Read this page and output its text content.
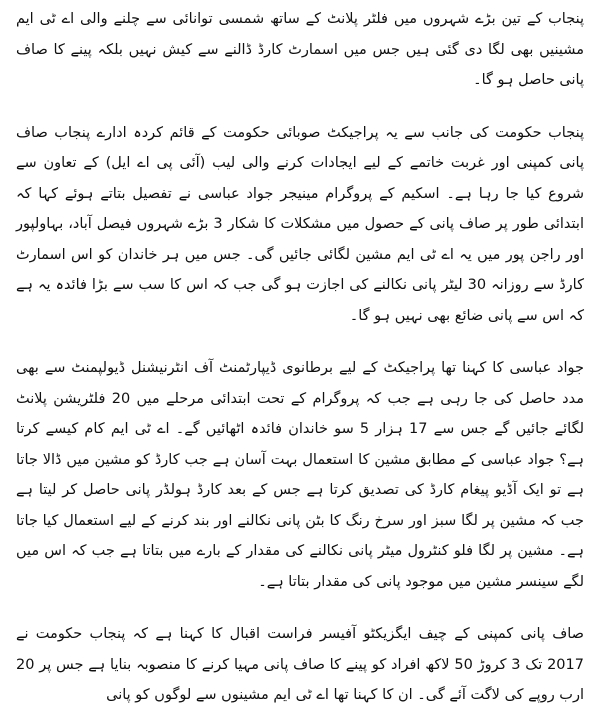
پنجاب کے تین بڑے شہروں میں فلٹر پلانٹ کے ساتھ شمسی توانائی سے چلنے والی اے ٹی ایم مشینیں بھی لگا دی گئی ہیں جس میں اسمارٹ کارڈ ڈالنے سے کیش نہیں بلکہ پینے کا صاف پانی حاصل ہو گا۔

پنجاب حکومت کی جانب سے یہ پراجیکٹ صوبائی حکومت کے قائم کردہ ادارے پنجاب صاف پانی کمپنی اور غربت خاتمے کے لیے ایجادات کرنے والی لیب (آئی پی اے ایل) کے تعاون سے شروع کیا جا رہا ہے۔ اسکیم کے پروگرام مینیجر جواد عباسی نے تفصیل بتاتے ہوئے کہا کہ ابتدائی طور پر صاف پانی کے حصول میں مشکلات کا شکار 3 بڑے شہروں فیصل آباد، بہاولپور اور راجن پور میں یہ اے ٹی ایم مشین لگائی جائیں گی۔ جس میں ہر خاندان کو اس اسمارٹ کارڈ سے روزانہ 30 لیٹر پانی نکالنے کی اجازت ہو گی جب کہ اس کا سب سے بڑا فائدہ یہ ہے کہ اس سے پانی ضائع بھی نہیں ہو گا۔

جواد عباسی کا کہنا تھا پراجیکٹ کے لیے برطانوی ڈیپارٹمنٹ آف انٹرنیشنل ڈیولپمنٹ سے بھی مدد حاصل کی جا رہی ہے جب کہ پروگرام کے تحت ابتدائی مرحلے میں 20 فلٹریشن پلانٹ لگائے جائیں گے جس سے 17 ہزار 5 سو خاندان فائدہ اٹھائیں گے۔ اے ٹی ایم کام کیسے کرتا ہے؟ جواد عباسی کے مطابق مشین کا استعمال بہت آسان ہے جب کارڈ کو مشین میں ڈالا جاتا ہے تو ایک آڈیو پیغام کارڈ کی تصدیق کرتا ہے جس کے بعد کارڈ ہولڈر پانی حاصل کر لیتا ہے جب کہ مشین پر لگا سبز اور سرخ رنگ کا بٹن پانی نکالنے اور بند کرنے کے لیے استعمال کیا جاتا ہے۔ مشین پر لگا فلو کنٹرول میٹر پانی نکالنے کی مقدار کے بارے میں بتاتا ہے جب کہ اس میں لگے سینسر مشین میں موجود پانی کی مقدار بتاتا ہے۔

صاف پانی کمپنی کے چیف ایگزیکٹو آفیسر فراست اقبال کا کہنا ہے کہ پنجاب حکومت نے 2017 تک 3 کروڑ 50 لاکھ افراد کو پینے کا صاف پانی مہیا کرنے کا منصوبہ بنایا ہے جس پر 20 ارب روپے کی لاگت آئے گی۔ ان کا کہنا تھا اے ٹی ایم مشینوں سے لوگوں کو پانی
